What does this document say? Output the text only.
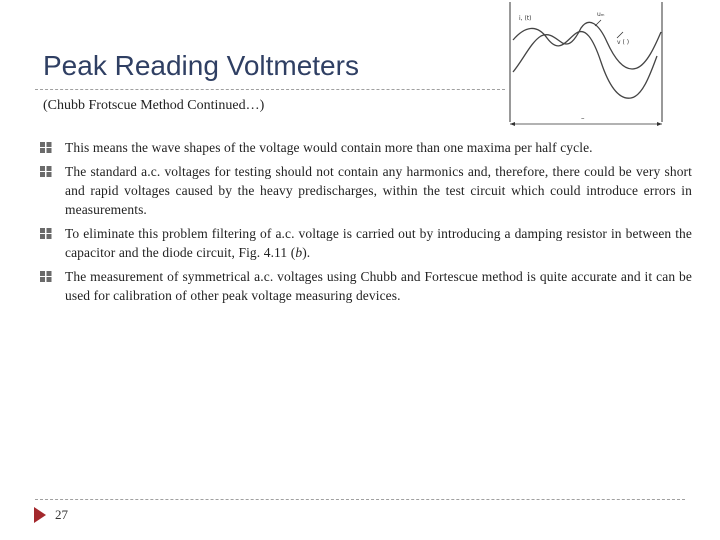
Peak Reading Voltmeters
(Chubb Frotscue Method Continued…)
i, (t)
uₘ
v ( )
–
This means the wave shapes of the voltage would contain more than one maxima per half cycle.
The standard a.c. voltages for testing should not contain any harmonics and, therefore, there could be very short and rapid voltages caused by the heavy predischarges, within the test circuit which could introduce errors in measurements.
To eliminate this problem filtering of a.c. voltage is carried out by introducing a damping resistor in between the capacitor and the diode circuit, Fig. 4.11 (b).
The measurement of symmetrical a.c. voltages using Chubb and Fortescue method is quite accurate and it can be used for calibration of other peak voltage measuring devices.
27
